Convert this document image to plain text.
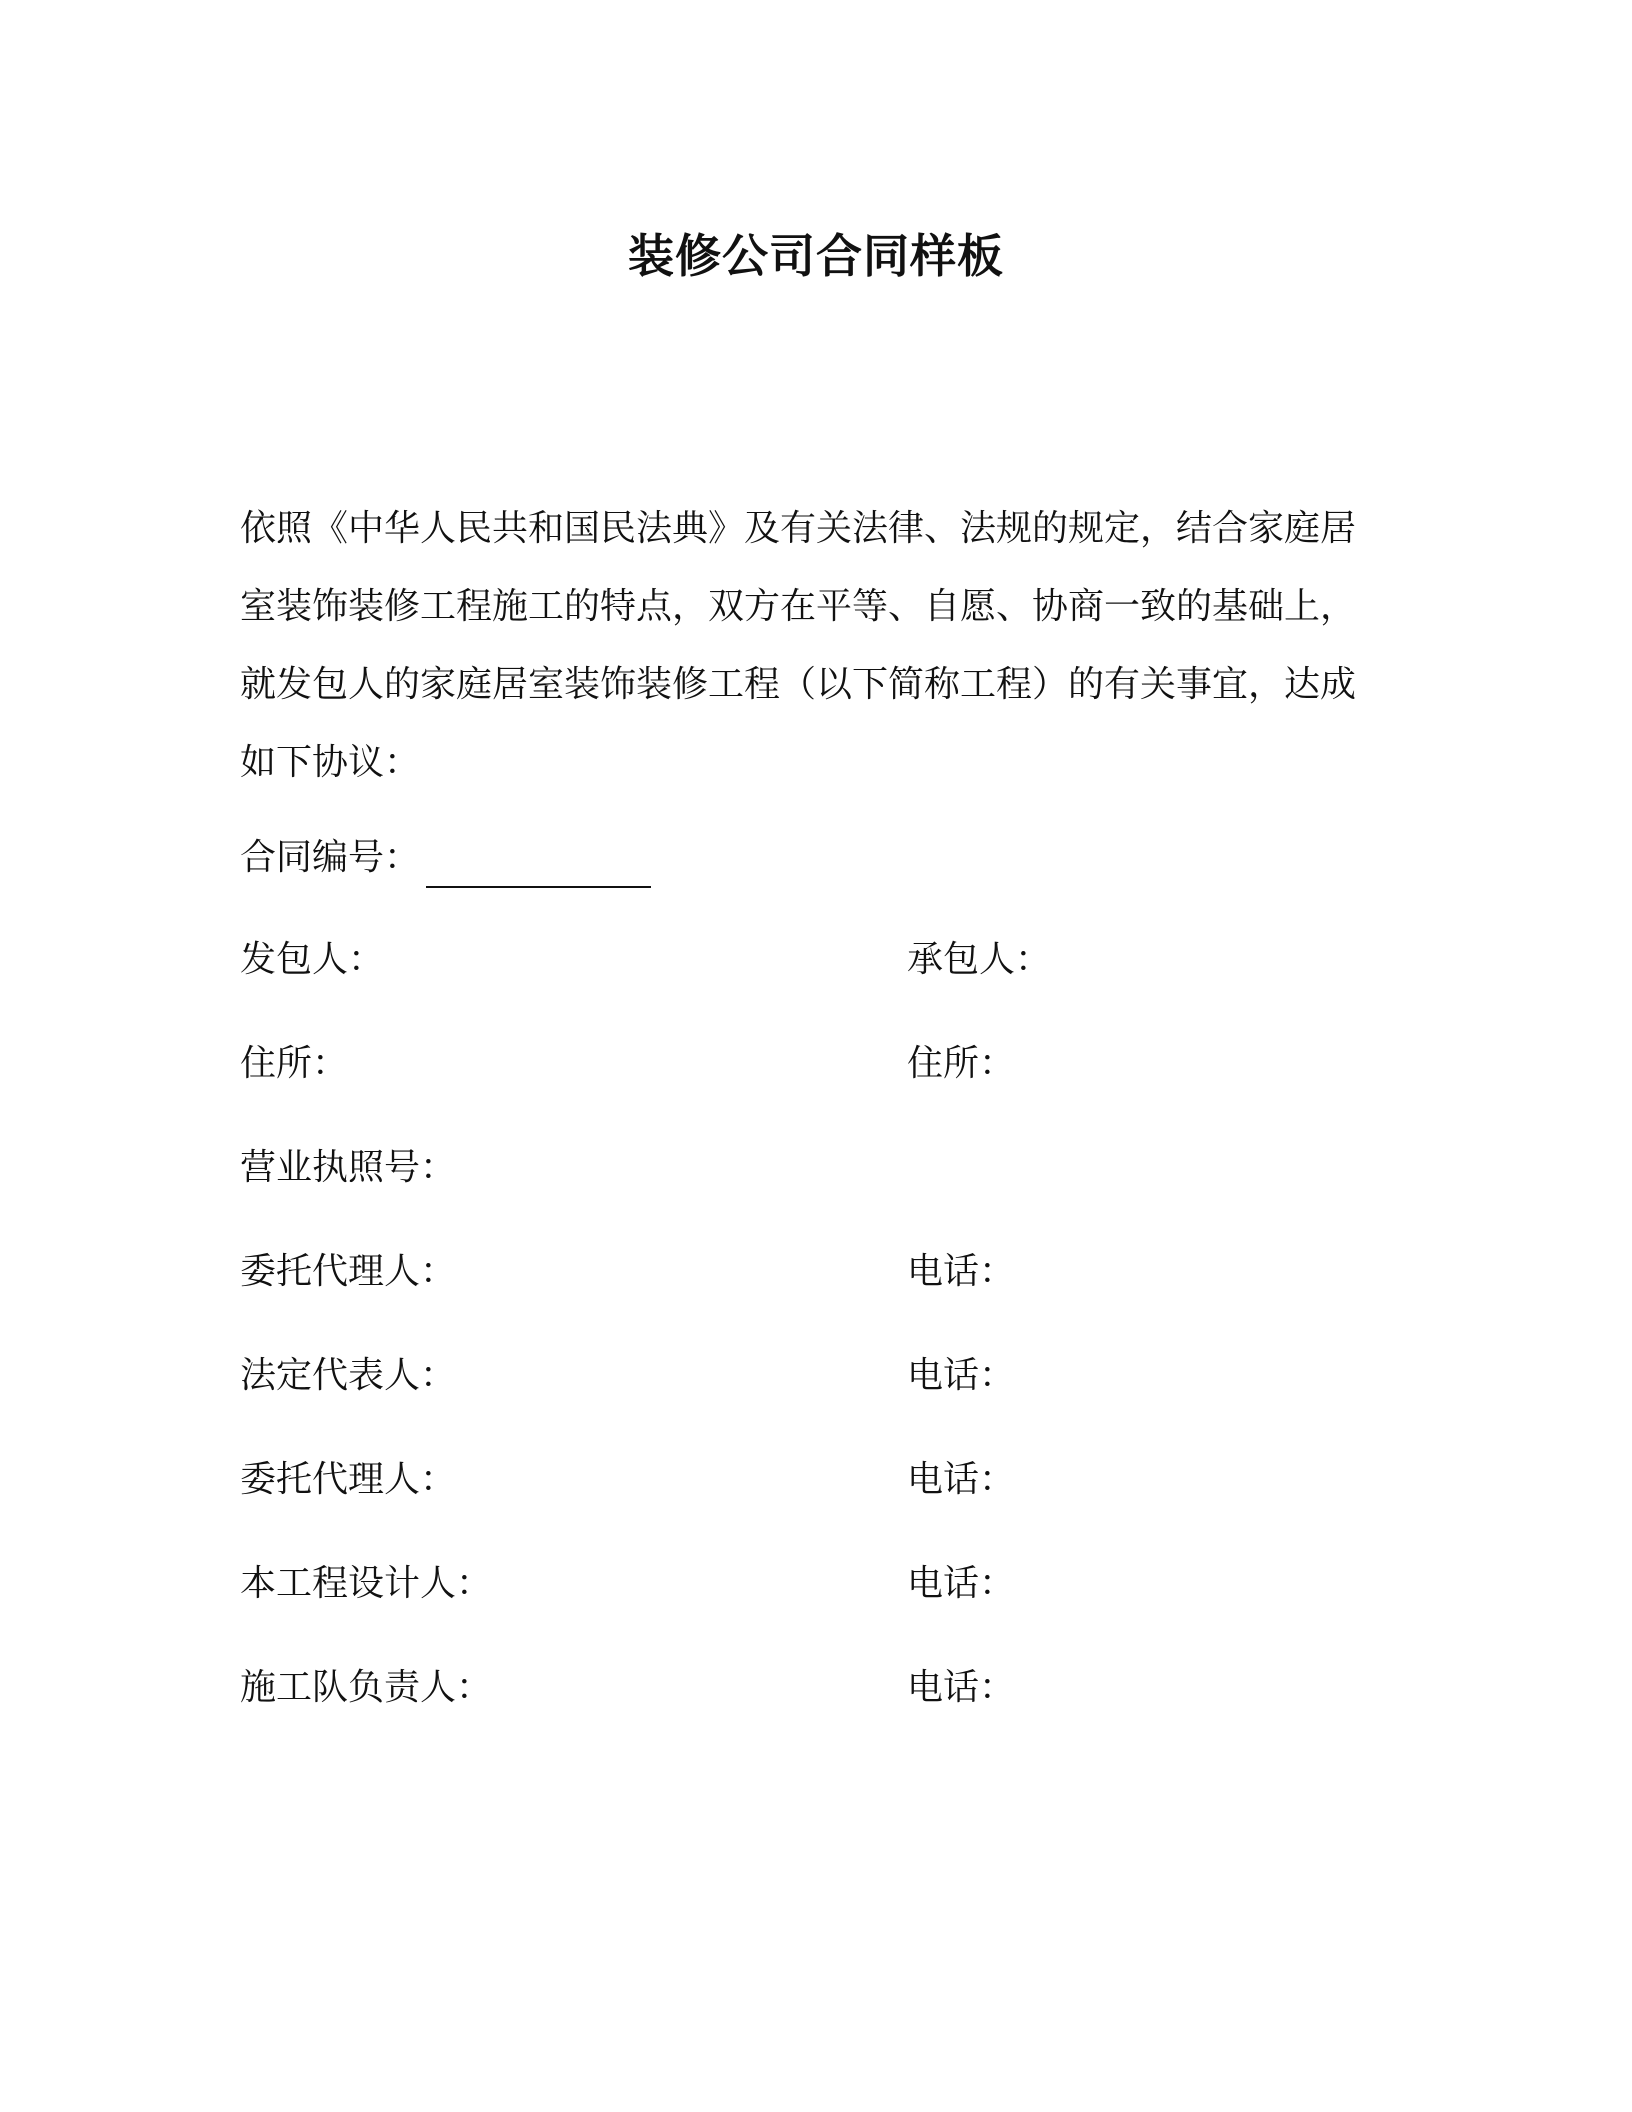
装修公司合同样板

依照《中华人民共和国民法典》及有关法律、法规的规定，结合家庭居室装饰装修工程施工的特点，双方在平等、自愿、协商一致的基础上，就发包人的家庭居室装饰装修工程（以下简称工程）的有关事宜，达成如下协议：

合同编号：
发包人：	承包人：
住所：	住所：
营业执照号：
委托代理人：	电话：
法定代表人：	电话：
委托代理人：	电话：
本工程设计人：	电话：
施工队负责人：	电话：
